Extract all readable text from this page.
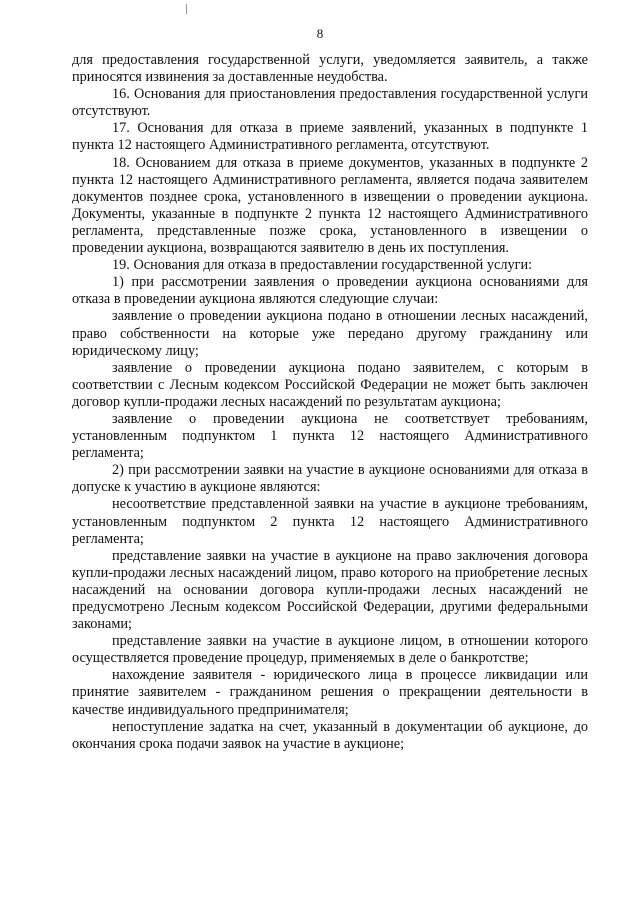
8

для предоставления государственной услуги, уведомляется заявитель, а также приносятся извинения за доставленные неудобства.

16. Основания для приостановления предоставления государственной услуги отсутствуют.

17. Основания для отказа в приеме заявлений, указанных в подпункте 1 пункта 12 настоящего Административного регламента, отсутствуют.

18. Основанием для отказа в приеме документов, указанных в подпункте 2 пункта 12 настоящего Административного регламента, является подача заявителем документов позднее срока, установленного в извещении о проведении аукциона. Документы, указанные в подпункте 2 пункта 12 настоящего Административного регламента, представленные позже срока, установленного в извещении о проведении аукциона, возвращаются заявителю в день их поступления.

19. Основания для отказа в предоставлении государственной услуги:

1) при рассмотрении заявления о проведении аукциона основаниями для отказа в проведении аукциона являются следующие случаи:

заявление о проведении аукциона подано в отношении лесных насаждений, право собственности на которые уже передано другому гражданину или юридическому лицу;

заявление о проведении аукциона подано заявителем, с которым в соответствии с Лесным кодексом Российской Федерации не может быть заключен договор купли-продажи лесных насаждений по результатам аукциона;

заявление о проведении аукциона не соответствует требованиям, установленным подпунктом 1 пункта 12 настоящего Административного регламента;

2) при рассмотрении заявки на участие в аукционе основаниями для отказа в допуске к участию в аукционе являются:

несоответствие представленной заявки на участие в аукционе требованиям, установленным подпунктом 2 пункта 12 настоящего Административного регламента;

представление заявки на участие в аукционе на право заключения договора купли-продажи лесных насаждений лицом, право которого на приобретение лесных насаждений на основании договора купли-продажи лесных насаждений не предусмотрено Лесным кодексом Российской Федерации, другими федеральными законами;

представление заявки на участие в аукционе лицом, в отношении которого осуществляется проведение процедур, применяемых в деле о банкротстве;

нахождение заявителя - юридического лица в процессе ликвидации или принятие заявителем - гражданином решения о прекращении деятельности в качестве индивидуального предпринимателя;

непоступление задатка на счет, указанный в документации об аукционе, до окончания срока подачи заявок на участие в аукционе;
